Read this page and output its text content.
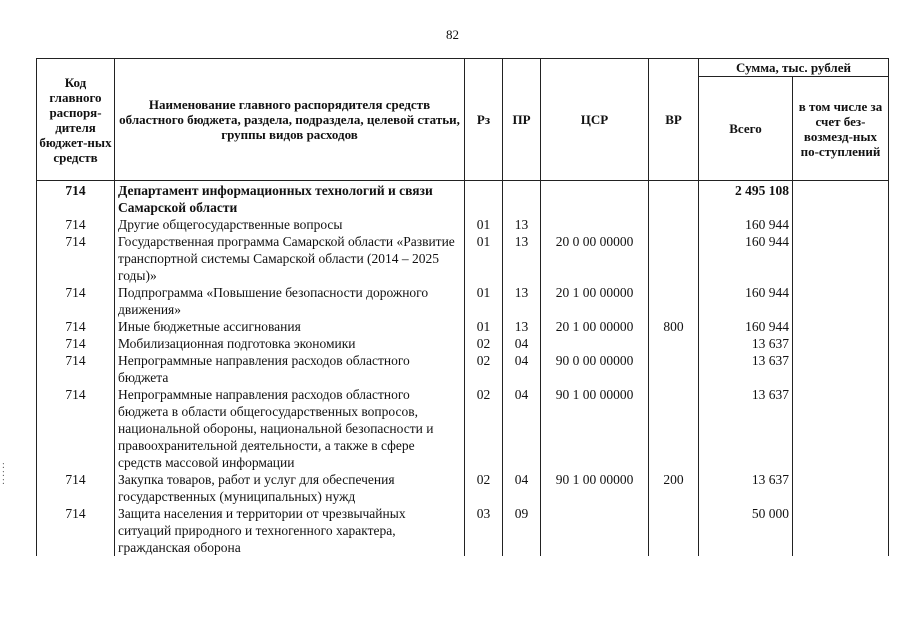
82
Код главного распоря-дителя бюджет-ных средств	Наименование главного распорядителя средств областного бюджета, раздела, подраздела, целевой статьи, группы видов расходов	Рз	ПР	ЦСР	ВР	Сумма, тыс. рублей	
						Всего	в том числе за счет без-возмезд-ных по-ступлений
714	Департамент информационных технологий и связи Самарской области					2 495 108	
714	Другие общегосударственные вопросы	01	13			160 944	
714	Государственная программа Самарской области «Развитие транспортной системы Самарской области (2014 – 2025 годы)»	01	13	20 0 00 00000		160 944	
714	Подпрограмма «Повышение безопасности дорожного движения»	01	13	20 1 00 00000		160 944	
714	Иные бюджетные ассигнования	01	13	20 1 00 00000	800	160 944	
714	Мобилизационная подготовка экономики	02	04			13 637	
714	Непрограммные направления расходов областного бюджета	02	04	90 0 00 00000		13 637	
714	Непрограммные направления расходов областного бюджета в области общегосударственных вопросов, национальной обороны, национальной безопасности и правоохранительной деятельности, а также в сфере средств массовой информации	02	04	90 1 00 00000		13 637	
714	Закупка товаров, работ и услуг для обеспечения государственных (муниципальных) нужд	02	04	90 1 00 00000	200	13 637	
714	Защита населения и территории от чрезвычайных ситуаций природного и техногенного характера, гражданская оборона	03	09			50 000	
:
:
:
